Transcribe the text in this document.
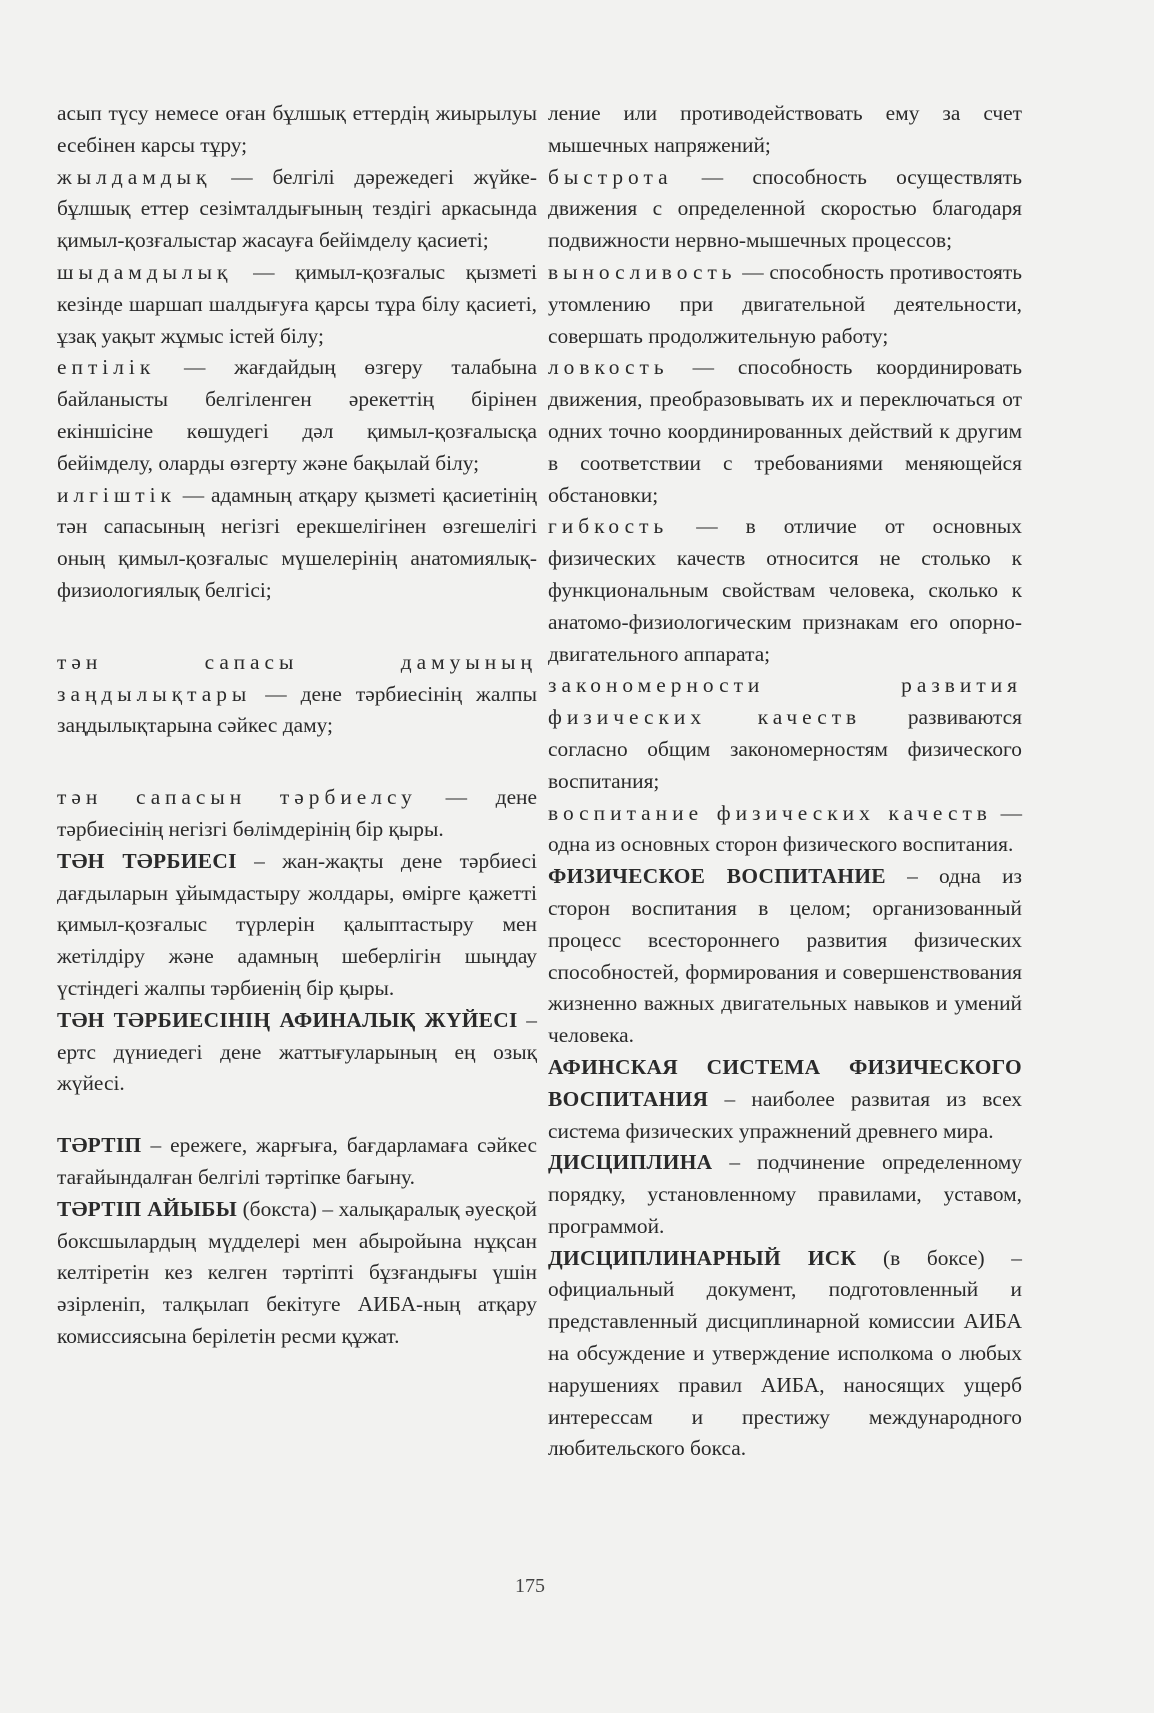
асып түсу немесе оған бұлшық еттердің жиырылуы есебінен карсы тұру;

жылдамдық — белгілі дәрежедегі жүйке-бұлшық еттер сезімталдығының тездігі аркасында қимыл-қозғалыстар жасауға бейімделу қасиеті;

шыдамдылық — қимыл-қозғалыс қызметі кезінде шаршап шалдығуға қарсы тұра білу қасиеті, ұзақ уақыт жұмыс істей білу;

ептілік — жағдайдың өзгеру талабына байланысты белгіленген әрекеттің бірінен екіншісіне көшудегі дәл қимыл-қозғалысқа бейімделу, оларды өзгерту және бақылай білу;

илгіштік — адамның атқару қызметі қасиетінің тән сапасының негізгі ерекшелігінен өзгешелігі оның қимыл-қозғалыс мүшелерінің анатомиялық-физиологиялық белгісі;

тән сапасы дамуының заңдылықтары — дене тәрбиесінің жалпы заңдылықтарына сәйкес даму;

тән сапасын тәрбиелсу — дене тәрбиесінің негізгі бөлімдерінің бір қыры.

ТӘН ТӘРБИЕСІ – жан-жақты дене тәрбиесі дағдыларын ұйымдастыру жолдары, өмірге қажетті қимыл-қозғалыс түрлерін қалыптастыру мен жетілдіру және адамның шеберлігін шыңдау үстіндегі жалпы тәрбиенің бір қыры.

ТӘН ТӘРБИЕСІНІҢ АФИНАЛЫҚ ЖҮЙЕСІ – ертс дүниедегі дене жаттығуларының ең озық жүйесі.

ТӘРТІП – ережеге, жарғыға, бағдарламаға сәйкес тағайындалған белгілі тәртіпке бағыну.

ТӘРТІП АЙЫБЫ (бокста) – халықаралық әуесқой боксшылардың мүдделері мен абыройына нұқсан келтіретін кез келген тәртіпті бұзғандығы үшін әзірленіп, талқылап бекітуге АИБА-ның атқару комиссиясына берілетін ресми құжат.

ление или противодействовать ему за счет мышечных напряжений;

быстрота — способность осуществлять движения с определенной скоростью благодаря подвижности нервно-мышечных процессов;

выносливость — способность противостоять утомлению при двигательной деятельности, совершать продолжительную работу;

ловкость — способность координировать движения, преобразовывать их и переключаться от одних точно координированных действий к другим в соответствии с требованиями меняющейся обстановки;

гибкость — в отличие от основных физических качеств относится не столько к функциональным свойствам человека, сколько к анатомо-физиологическим признакам его опорно-двигательного аппарата;

закономерности развития физических качеств развиваются согласно общим закономерностям физического воспитания;

воспитание физических качеств — одна из основных сторон физического воспитания.

ФИЗИЧЕСКОЕ ВОСПИТАНИЕ – одна из сторон воспитания в целом; организованный процесс всестороннего развития физических способностей, формирования и совершенствования жизненно важных двигательных навыков и умений человека.

АФИНСКАЯ СИСТЕМА ФИЗИЧЕСКОГО ВОСПИТАНИЯ – наиболее развитая из всех система физических упражнений древнего мира.

ДИСЦИПЛИНА – подчинение определенному порядку, установленному правилами, уставом, программой.

ДИСЦИПЛИНАРНЫЙ ИСК (в боксе) – официальный документ, подготовленный и представленный дисциплинарной комиссии АИБА на обсуждение и утверждение исполкома о любых нарушениях правил АИБА, наносящих ущерб интерессам и престижу международного любительского бокса.

175
